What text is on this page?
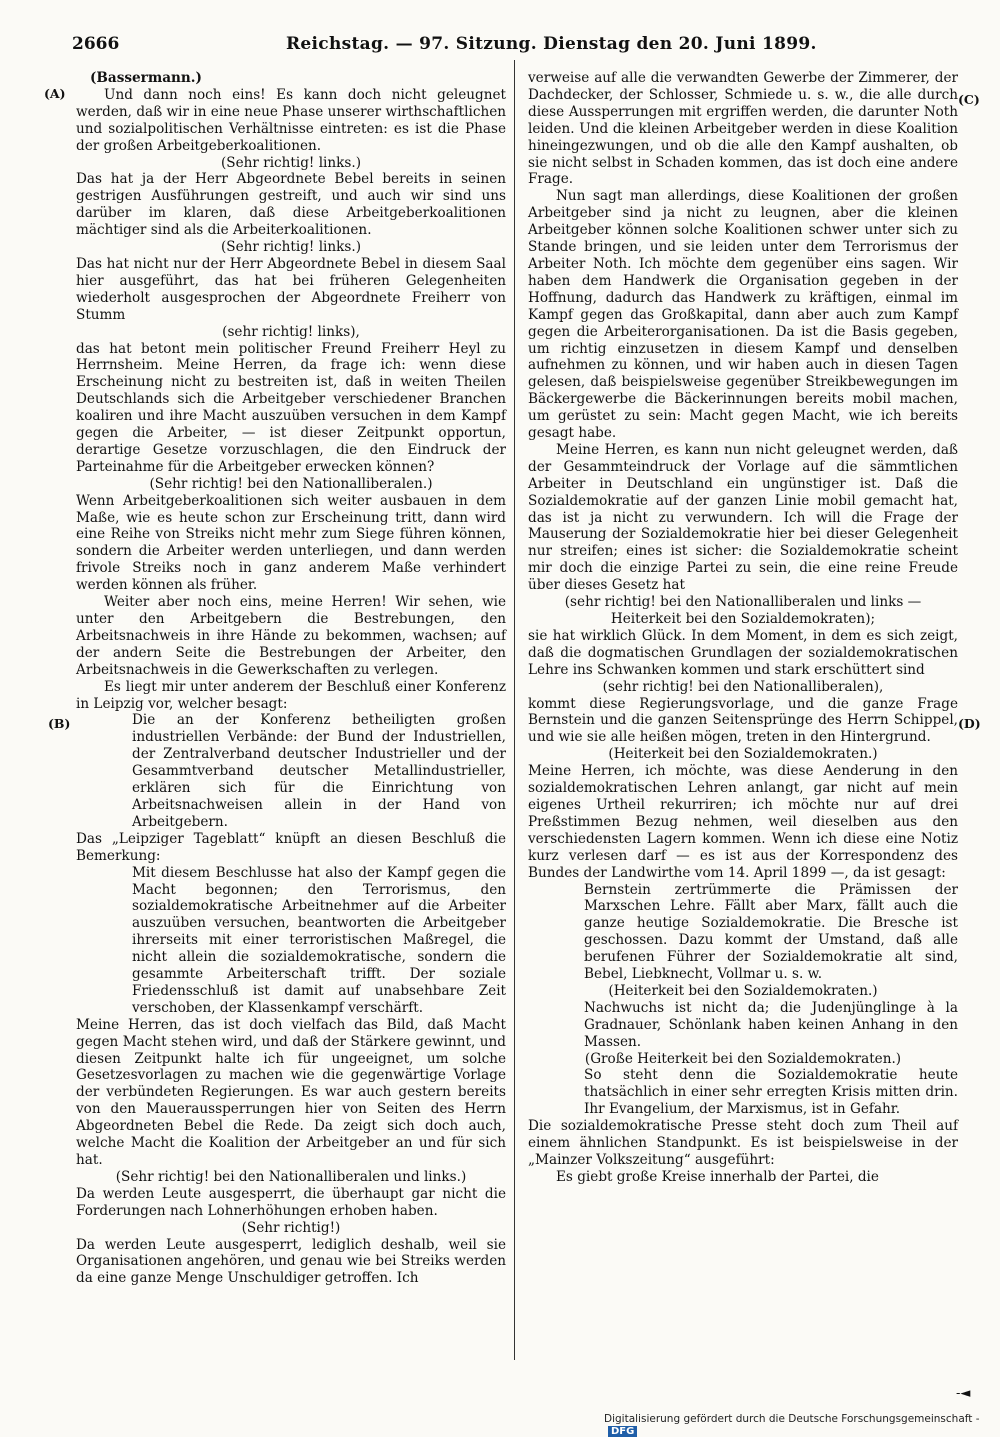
2666	Reichstag. — 97. Sitzung. Dienstag den 20. Juni 1899.
(A)
(B)
(C)
(D)

(Bassermann.)

Und dann noch eins! Es kann doch nicht geleugnet werden, daß wir in eine neue Phase unserer wirthschaftlichen und sozialpolitischen Verhältnisse eintreten: es ist die Phase der großen Arbeitgeberkoalitionen.

(Sehr richtig! links.)

Das hat ja der Herr Abgeordnete Bebel bereits in seinen gestrigen Ausführungen gestreift, und auch wir sind uns darüber im klaren, daß diese Arbeitgeberkoalitionen mächtiger sind als die Arbeiterkoalitionen.

(Sehr richtig! links.)

Das hat nicht nur der Herr Abgeordnete Bebel in diesem Saal hier ausgeführt, das hat bei früheren Gelegenheiten wiederholt ausgesprochen der Abgeordnete Freiherr von Stumm

(sehr richtig! links),

das hat betont mein politischer Freund Freiherr Heyl zu Herrnsheim. Meine Herren, da frage ich: wenn diese Erscheinung nicht zu bestreiten ist, daß in weiten Theilen Deutschlands sich die Arbeitgeber verschiedener Branchen koaliren und ihre Macht auszuüben versuchen in dem Kampf gegen die Arbeiter, — ist dieser Zeitpunkt opportun, derartige Gesetze vorzuschlagen, die den Eindruck der Parteinahme für die Arbeitgeber erwecken können?

(Sehr richtig! bei den Nationalliberalen.)

Wenn Arbeitgeberkoalitionen sich weiter ausbauen in dem Maße, wie es heute schon zur Erscheinung tritt, dann wird eine Reihe von Streiks nicht mehr zum Siege führen können, sondern die Arbeiter werden unterliegen, und dann werden frivole Streiks noch in ganz anderem Maße verhindert werden können als früher.

Weiter aber noch eins, meine Herren! Wir sehen, wie unter den Arbeitgebern die Bestrebungen, den Arbeitsnachweis in ihre Hände zu bekommen, wachsen; auf der andern Seite die Bestrebungen der Arbeiter, den Arbeitsnachweis in die Gewerkschaften zu verlegen.

Es liegt mir unter anderem der Beschluß einer Konferenz in Leipzig vor, welcher besagt:

Die an der Konferenz betheiligten großen industriellen Verbände: der Bund der Industriellen, der Zentralverband deutscher Industrieller und der Gesammtverband deutscher Metallindustrieller, erklären sich für die Einrichtung von Arbeitsnachweisen allein in der Hand von Arbeitgebern.

Das „Leipziger Tageblatt“ knüpft an diesen Beschluß die Bemerkung:

Mit diesem Beschlusse hat also der Kampf gegen die Macht begonnen; den Terrorismus, den sozialdemokratische Arbeitnehmer auf die Arbeiter auszuüben versuchen, beantworten die Arbeitgeber ihrerseits mit einer terroristischen Maßregel, die nicht allein die sozialdemokratische, sondern die gesammte Arbeiterschaft trifft. Der soziale Friedensschluß ist damit auf unabsehbare Zeit verschoben, der Klassenkampf verschärft.

Meine Herren, das ist doch vielfach das Bild, daß Macht gegen Macht stehen wird, und daß der Stärkere gewinnt, und diesen Zeitpunkt halte ich für ungeeignet, um solche Gesetzesvorlagen zu machen wie die gegenwärtige Vorlage der verbündeten Regierungen. Es war auch gestern bereits von den Maueraussperrungen hier von Seiten des Herrn Abgeordneten Bebel die Rede. Da zeigt sich doch auch, welche Macht die Koalition der Arbeitgeber an und für sich hat.

(Sehr richtig! bei den Nationalliberalen und links.)

Da werden Leute ausgesperrt, die überhaupt gar nicht die Forderungen nach Lohnerhöhungen erhoben haben.

(Sehr richtig!)

Da werden Leute ausgesperrt, lediglich deshalb, weil sie Organisationen angehören, und genau wie bei Streiks werden da eine ganze Menge Unschuldiger getroffen. Ich

verweise auf alle die verwandten Gewerbe der Zimmerer, der Dachdecker, der Schlosser, Schmiede u. s. w., die alle durch diese Aussperrungen mit ergriffen werden, die darunter Noth leiden. Und die kleinen Arbeitgeber werden in diese Koalition hineingezwungen, und ob die alle den Kampf aushalten, ob sie nicht selbst in Schaden kommen, das ist doch eine andere Frage.

Nun sagt man allerdings, diese Koalitionen der großen Arbeitgeber sind ja nicht zu leugnen, aber die kleinen Arbeitgeber können solche Koalitionen schwer unter sich zu Stande bringen, und sie leiden unter dem Terrorismus der Arbeiter Noth. Ich möchte dem gegenüber eins sagen. Wir haben dem Handwerk die Organisation gegeben in der Hoffnung, dadurch das Handwerk zu kräftigen, einmal im Kampf gegen das Großkapital, dann aber auch zum Kampf gegen die Arbeiterorganisationen. Da ist die Basis gegeben, um richtig einzusetzen in diesem Kampf und denselben aufnehmen zu können, und wir haben auch in diesen Tagen gelesen, daß beispielsweise gegenüber Streikbewegungen im Bäckergewerbe die Bäckerinnungen bereits mobil machen, um gerüstet zu sein: Macht gegen Macht, wie ich bereits gesagt habe.

Meine Herren, es kann nun nicht geleugnet werden, daß der Gesammteindruck der Vorlage auf die sämmtlichen Arbeiter in Deutschland ein ungünstiger ist. Daß die Sozialdemokratie auf der ganzen Linie mobil gemacht hat, das ist ja nicht zu verwundern. Ich will die Frage der Mauserung der Sozialdemokratie hier bei dieser Gelegenheit nur streifen; eines ist sicher: die Sozialdemokratie scheint mir doch die einzige Partei zu sein, die eine reine Freude über dieses Gesetz hat

(sehr richtig! bei den Nationalliberalen und links — Heiterkeit bei den Sozialdemokraten);

sie hat wirklich Glück. In dem Moment, in dem es sich zeigt, daß die dogmatischen Grundlagen der sozialdemokratischen Lehre ins Schwanken kommen und stark erschüttert sind

(sehr richtig! bei den Nationalliberalen),

kommt diese Regierungsvorlage, und die ganze Frage Bernstein und die ganzen Seitensprünge des Herrn Schippel, und wie sie alle heißen mögen, treten in den Hintergrund.

(Heiterkeit bei den Sozialdemokraten.)

Meine Herren, ich möchte, was diese Aenderung in den sozialdemokratischen Lehren anlangt, gar nicht auf mein eigenes Urtheil rekurriren; ich möchte nur auf drei Preßstimmen Bezug nehmen, weil dieselben aus den verschiedensten Lagern kommen. Wenn ich diese eine Notiz kurz verlesen darf — es ist aus der Korrespondenz des Bundes der Landwirthe vom 14. April 1899 —, da ist gesagt:

Bernstein zertrümmerte die Prämissen der Marxschen Lehre. Fällt aber Marx, fällt auch die ganze heutige Sozialdemokratie. Die Bresche ist geschossen. Dazu kommt der Umstand, daß alle berufenen Führer der Sozialdemokratie alt sind, Bebel, Liebknecht, Vollmar u. s. w.

(Heiterkeit bei den Sozialdemokraten.)

Nachwuchs ist nicht da; die Judenjünglinge à la Gradnauer, Schönlank haben keinen Anhang in den Massen.

(Große Heiterkeit bei den Sozialdemokraten.)

So steht denn die Sozialdemokratie heute thatsächlich in einer sehr erregten Krisis mitten drin. Ihr Evangelium, der Marxismus, ist in Gefahr.

Die sozialdemokratische Presse steht doch zum Theil auf einem ähnlichen Standpunkt. Es ist beispielsweise in der „Mainzer Volkszeitung“ ausgeführt:

Es giebt große Kreise innerhalb der Partei, die

-◄
Digitalisierung gefördert durch die Deutsche Forschungsgemeinschaft -DFG
